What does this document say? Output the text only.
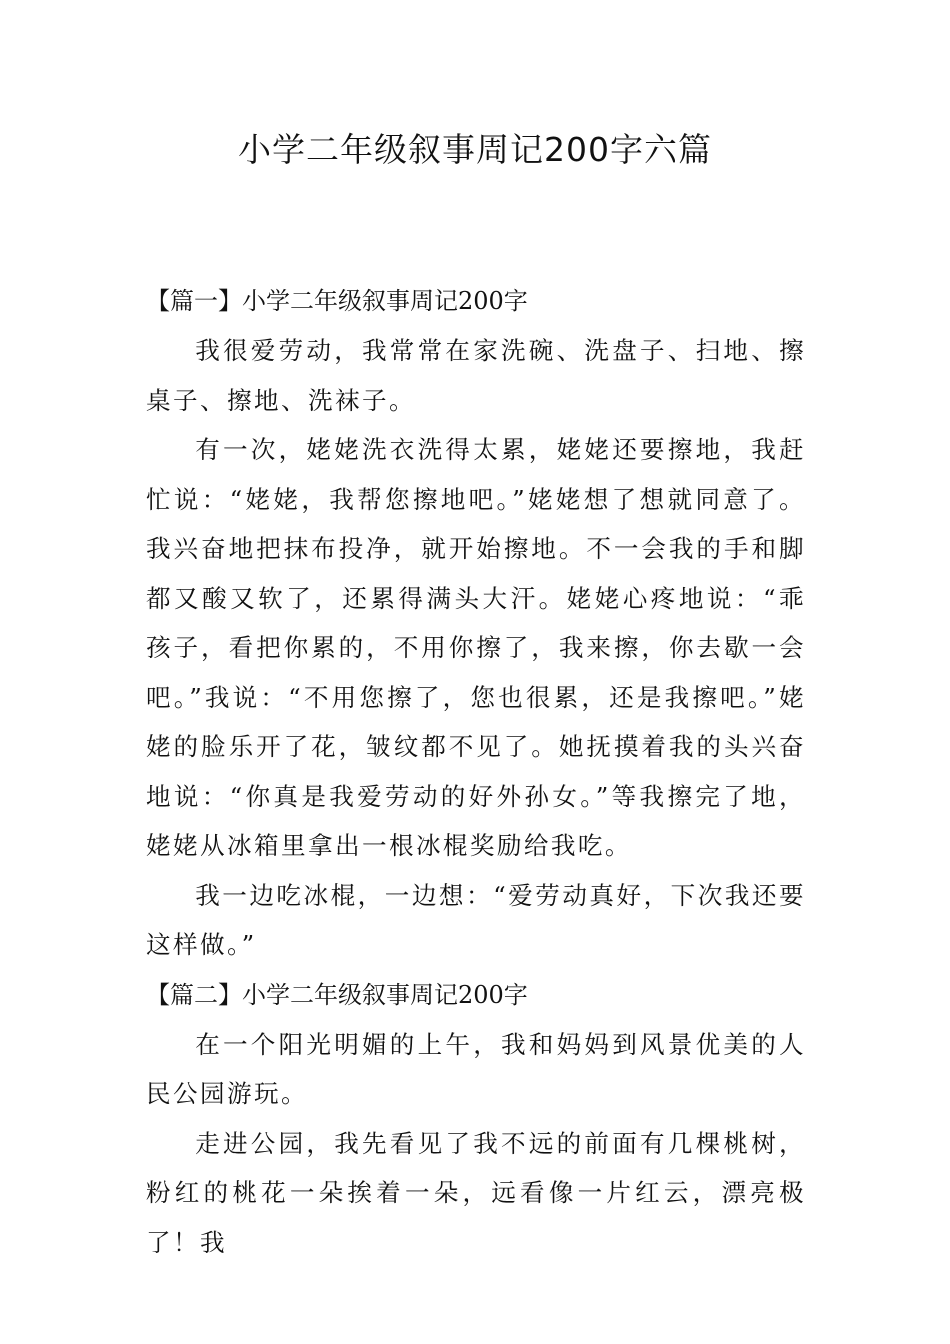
小学二年级叙事周记200字六篇
【篇一】小学二年级叙事周记200字

我很爱劳动，我常常在家洗碗、洗盘子、扫地、擦桌子、擦地、洗袜子。

有一次，姥姥洗衣洗得太累，姥姥还要擦地，我赶忙说：“姥姥，我帮您擦地吧。”姥姥想了想就同意了。我兴奋地把抹布投净，就开始擦地。不一会我的手和脚都又酸又软了，还累得满头大汗。姥姥心疼地说：“乖孩子，看把你累的，不用你擦了，我来擦，你去歇一会吧。”我说：“不用您擦了，您也很累，还是我擦吧。”姥姥的脸乐开了花，皱纹都不见了。她抚摸着我的头兴奋地说：“你真是我爱劳动的好外孙女。”等我擦完了地，姥姥从冰箱里拿出一根冰棍奖励给我吃。

我一边吃冰棍，一边想：“爱劳动真好，下次我还要这样做。”

【篇二】小学二年级叙事周记200字

在一个阳光明媚的上午，我和妈妈到风景优美的人民公园游玩。

走进公园，我先看见了我不远的前面有几棵桃树，粉红的桃花一朵挨着一朵，远看像一片红云，漂亮极了！我
